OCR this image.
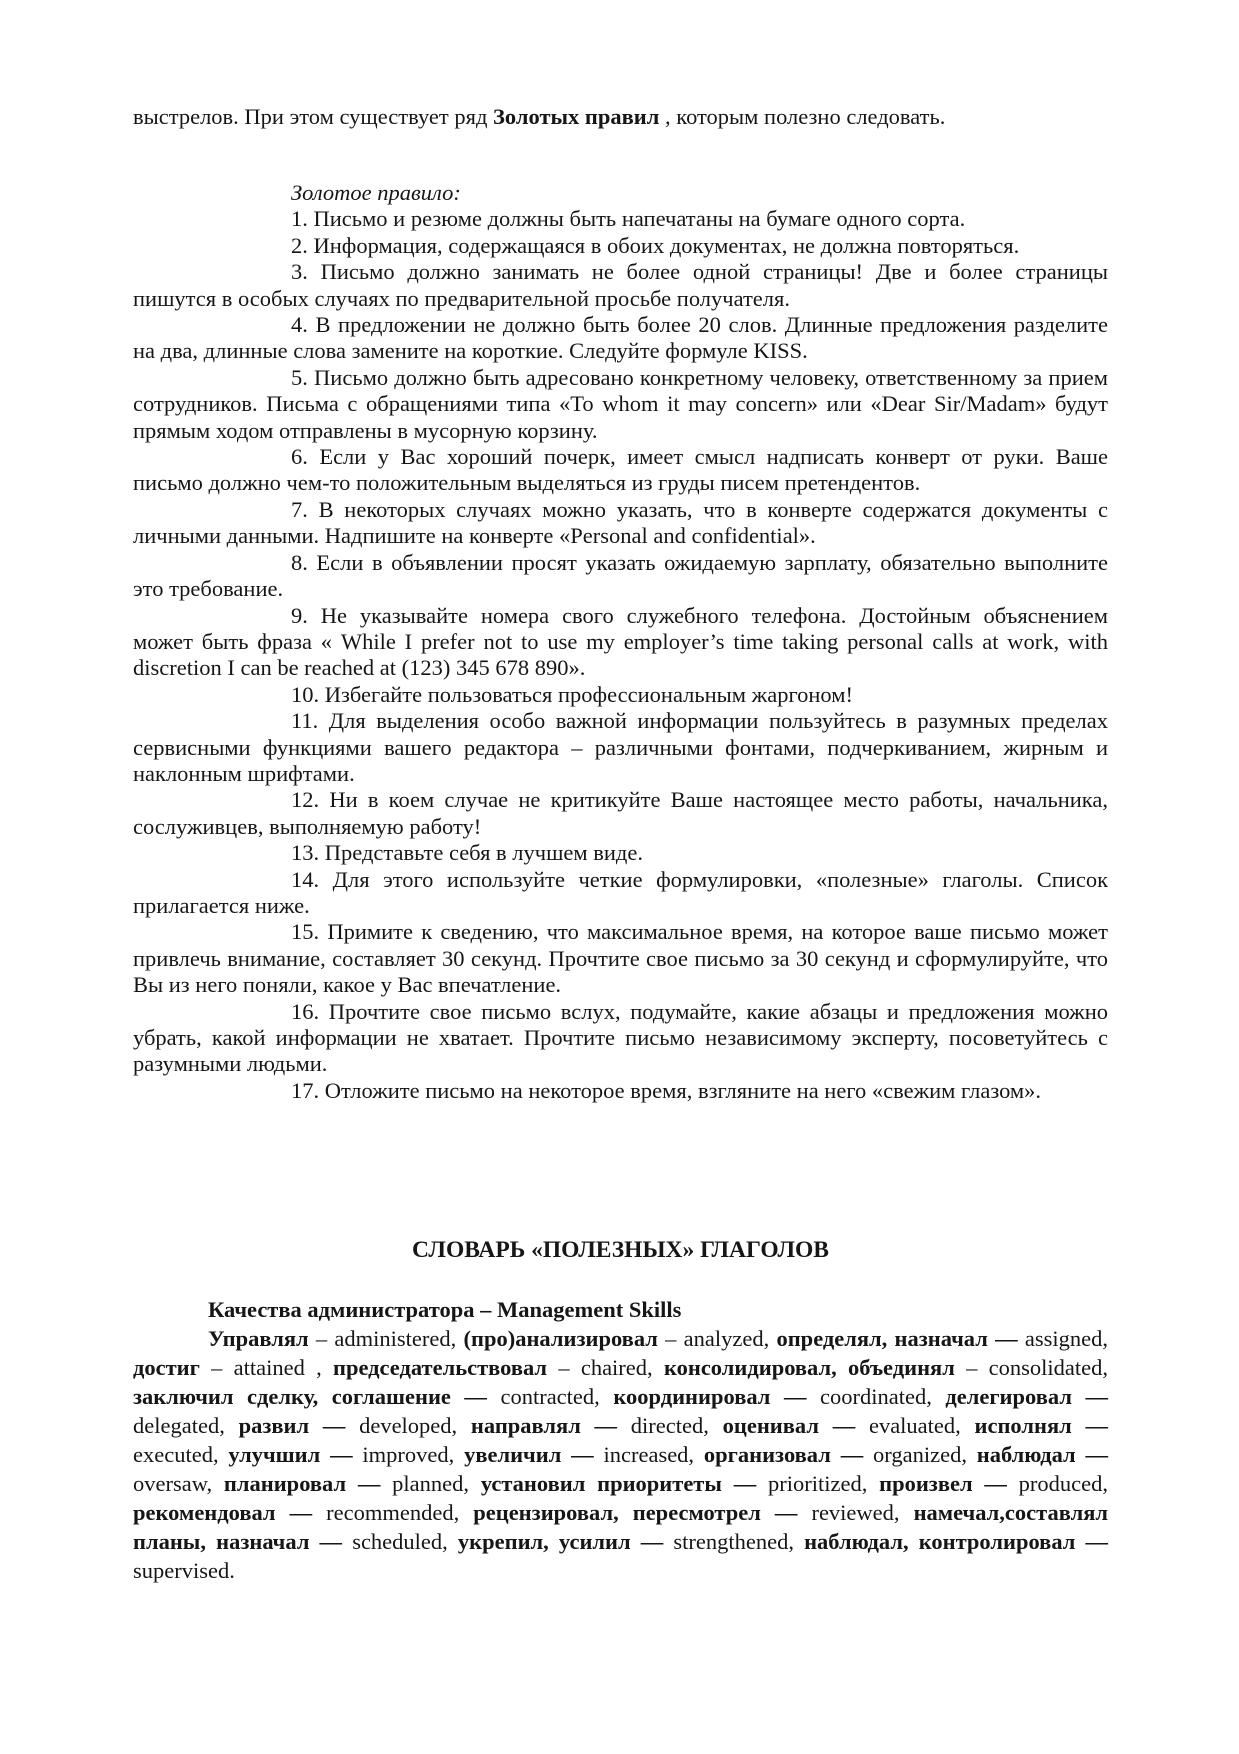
выстрелов. При этом существует ряд Золотых правил , которым полезно следовать.

Золотое правило:

1. Письмо и резюме должны быть напечатаны на бумаге одного сорта.

2. Информация, содержащаяся в обоих документах, не должна повторяться.

3. Письмо должно занимать не более одной страницы! Две и более страницы пишутся в особых случаях по предварительной просьбе получателя.

4. В предложении не должно быть более 20 слов. Длинные предложения разделите на два, длинные слова замените на короткие. Следуйте формуле KISS.

5. Письмо должно быть адресовано конкретному человеку, ответственному за прием сотрудников. Письма с обращениями типа «To whom it may concern» или «Dear Sir/Madam» будут прямым ходом отправлены в мусорную корзину.

6. Если у Вас хороший почерк, имеет смысл надписать конверт от руки. Ваше письмо должно чем-то положительным выделяться из груды писем претендентов.

7. В некоторых случаях можно указать, что в конверте содержатся документы с личными данными. Надпишите на конверте «Personal and confidential».

8. Если в объявлении просят указать ожидаемую зарплату, обязательно выполните это требование.

9. Не указывайте номера свого служебного телефона. Достойным объяснением может быть фраза « While I prefer not to use my employer’s time taking personal calls at work, with discretion I can be reached at (123) 345 678 890».

10. Избегайте пользоваться профессиональным жаргоном!

11. Для выделения особо важной информации пользуйтесь в разумных пределах сервисными функциями вашего редактора – различными фонтами, подчеркиванием, жирным и наклонным шрифтами.

12. Ни в коем случае не критикуйте Ваше настоящее место работы, начальника, сослуживцев, выполняемую работу!

13. Представьте себя в лучшем виде.

14. Для этого используйте четкие формулировки, «полезные» глаголы. Список прилагается ниже.

15. Примите к сведению, что максимальное время, на которое ваше письмо может привлечь внимание, составляет 30 секунд. Прочтите свое письмо за 30 секунд и сформулируйте, что Вы из него поняли, какое у Вас впечатление.

16. Прочтите свое письмо вслух, подумайте, какие абзацы и предложения можно убрать, какой информации не хватает. Прочтите письмо независимому эксперту, посоветуйтесь с разумными людьми.

17. Отложите письмо на некоторое время, взгляните на него «свежим глазом».

СЛОВАРЬ «ПОЛЕЗНЫХ» ГЛАГОЛОВ

Качества администратора – Management Skills

Управлял – administered, (про)анализировал – analyzed, определял, назначал — assigned, достиг – attained , председательствовал – chaired, консолидировал, объединял – consolidated, заключил сделку, соглашение — contracted, координировал — coordinated, делегировал — delegated, развил — developed, направлял — directed, оценивал — evaluated, исполнял — executed, улучшил — improved, увеличил — increased, организовал — organized, наблюдал — oversaw, планировал — planned, установил приоритеты — prioritized, произвел — produced, рекомендовал — recommended, рецензировал, пересмотрел — reviewed, намечал,составлял планы, назначал — scheduled, укрепил, усилил — strengthened, наблюдал, контролировал — supervised.
